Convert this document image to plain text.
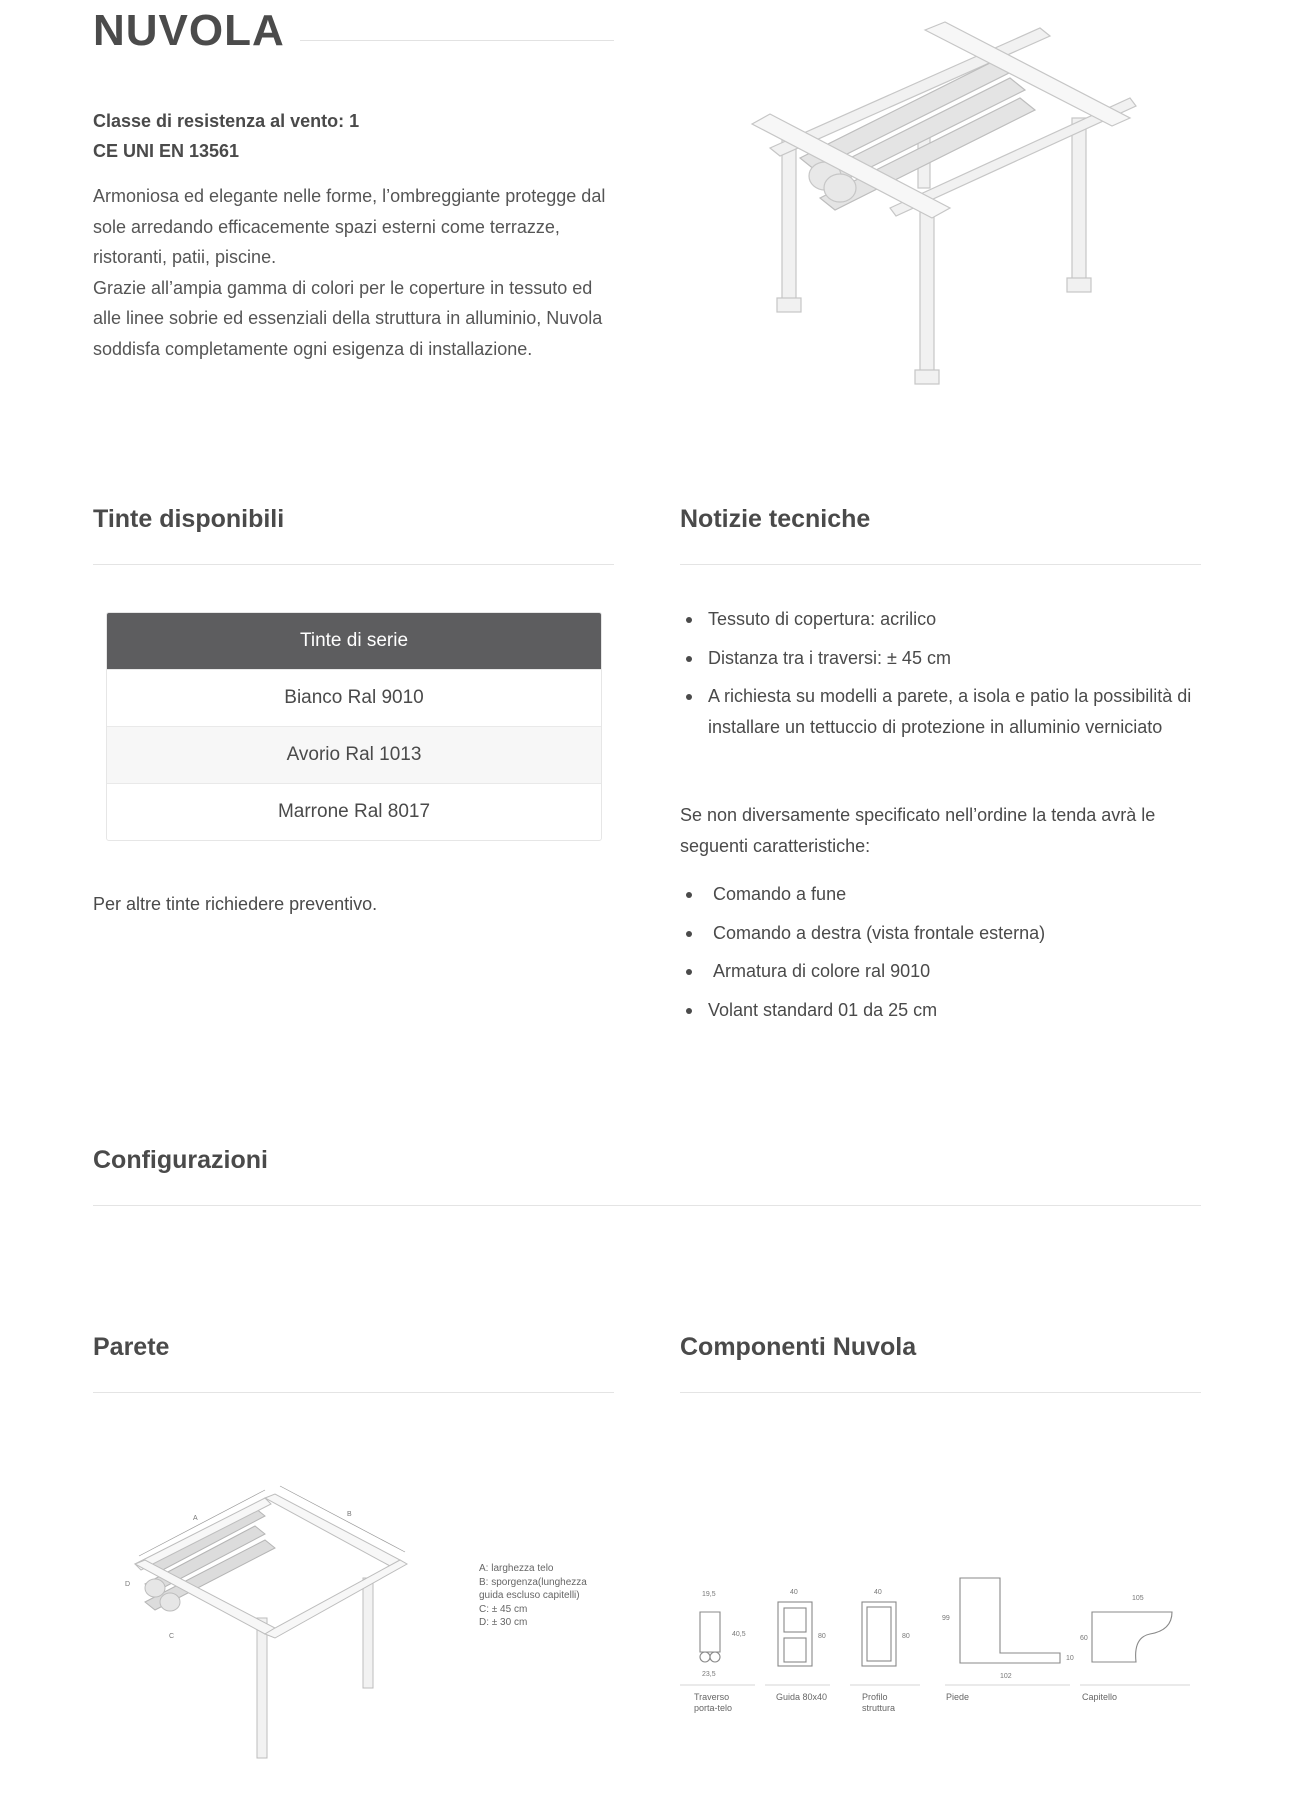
NUVOLA
Classe di resistenza al vento: 1
CE UNI EN 13561

Armoniosa ed elegante nelle forme, l’ombreggiante protegge dal sole arredando efficacemente spazi esterni come terrazze, ristoranti, patii, piscine.

Grazie all’ampia gamma di colori per le coperture in tessuto ed alle linee sobrie ed essenziali della struttura in alluminio, Nuvola soddisfa completamente ogni esigenza di installazione.

Tinte disponibili
Tinte di serie
Bianco Ral 9010
Avorio Ral 1013
Marrone Ral 8017
Per altre tinte richiedere preventivo.
Notizie tecniche
Tessuto di copertura: acrilico
Distanza tra i traversi: ± 45 cm
A richiesta su modelli a parete, a isola e patio la possibilità di installare un tettuccio di protezione in alluminio verniciato
Se non diversamente specificato nell’ordine la tenda avrà le seguenti caratteristiche:
Comando a fune
Comando a destra (vista frontale esterna)
Armatura di colore ral 9010
Volant standard 01 da 25 cm
Configurazioni
Parete
A
B
C
D
A: larghezza telo
B: sporgenza(lunghezza
guida escluso capitelli)
C: ± 45 cm
D: ± 30 cm
Componenti Nuvola
19,5
40,5
23,5
40
80
40
80
99
102
10
105
60
Traverso porta-telo
Guida 80x40	Profilo struttura
Piede	Capitello
